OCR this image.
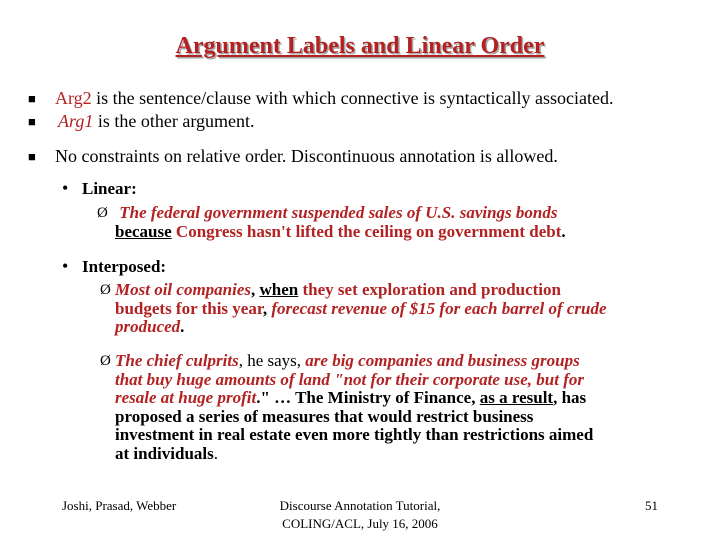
Argument Labels and Linear Order
■ Arg2 is the sentence/clause with which connective is syntactically associated.
■ Arg1 is the other argument.
■ No constraints on relative order. Discontinuous annotation is allowed.
• Linear:
Ø The federal government suspended sales of U.S. savings bonds
because Congress hasn't lifted the ceiling on government debt.
• Interposed:
Ø Most oil companies, when they set exploration and production
budgets for this year, forecast revenue of $15 for each barrel of crude
produced.
Ø The chief culprits, he says, are big companies and business groups
that buy huge amounts of land "not for their corporate use, but for
resale at huge profit." … The Ministry of Finance, as a result, has
proposed a series of measures that would restrict business
investment in real estate even more tightly than restrictions aimed
at individuals.
Joshi, Prasad, Webber	Discourse Annotation Tutorial,
COLING/ACL, July 16, 2006
51
